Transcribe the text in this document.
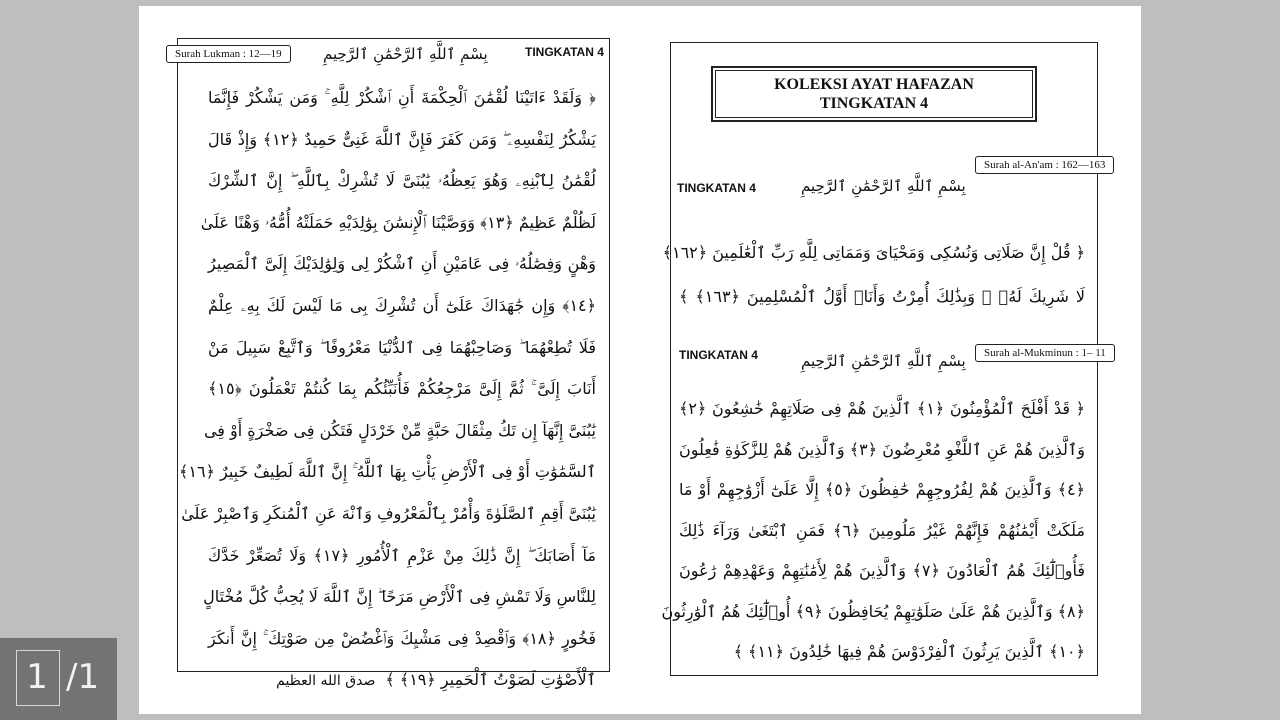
Surah Lukman : 12—19	بِسْمِ ٱللَّهِ ٱلرَّحْمَٰنِ ٱلرَّحِيمِ	TINGKATAN 4
﴿ وَلَقَدْ ءَاتَيْنَا لُقْمَٰنَ ٱلْحِكْمَةَ أَنِ ٱشْكُرْ لِلَّهِ ۚ وَمَن يَشْكُرْ فَإِنَّمَا
يَشْكُرُ لِنَفْسِهِۦ ۖ وَمَن كَفَرَ فَإِنَّ ٱللَّهَ غَنِىٌّ حَمِيدٌ ﴿١٢﴾ وَإِذْ قَالَ
لُقْمَٰنُ لِٱبْنِهِۦ وَهُوَ يَعِظُهُۥ يَٰبُنَىَّ لَا تُشْرِكْ بِٱللَّهِ ۖ إِنَّ ٱلشِّرْكَ
لَظُلْمٌ عَظِيمٌ ﴿١٣﴾ وَوَصَّيْنَا ٱلْإِنسَٰنَ بِوَٰلِدَيْهِ حَمَلَتْهُ أُمُّهُۥ وَهْنًا عَلَىٰ
وَهْنٍ وَفِصَٰلُهُۥ فِى عَامَيْنِ أَنِ ٱشْكُرْ لِى وَلِوَٰلِدَيْكَ إِلَىَّ ٱلْمَصِيرُ
﴿١٤﴾ وَإِن جَٰهَدَاكَ عَلَىٰٓ أَن تُشْرِكَ بِى مَا لَيْسَ لَكَ بِهِۦ عِلْمٌ
فَلَا تُطِعْهُمَا ۖ وَصَاحِبْهُمَا فِى ٱلدُّنْيَا مَعْرُوفًا ۖ وَٱتَّبِعْ سَبِيلَ مَنْ
أَنَابَ إِلَىَّ ۚ ثُمَّ إِلَىَّ مَرْجِعُكُمْ فَأُنَبِّئُكُم بِمَا كُنتُمْ تَعْمَلُونَ ﴿١٥﴾
يَٰبُنَىَّ إِنَّهَآ إِن تَكُ مِثْقَالَ حَبَّةٍ مِّنْ خَرْدَلٍ فَتَكُن فِى صَخْرَةٍ أَوْ فِى
ٱلسَّمَٰوَٰتِ أَوْ فِى ٱلْأَرْضِ يَأْتِ بِهَا ٱللَّهُ ۚ إِنَّ ٱللَّهَ لَطِيفٌ خَبِيرٌ ﴿١٦﴾
يَٰبُنَىَّ أَقِمِ ٱلصَّلَوٰةَ وَأْمُرْ بِٱلْمَعْرُوفِ وَٱنْهَ عَنِ ٱلْمُنكَرِ وَٱصْبِرْ عَلَىٰ
مَآ أَصَابَكَ ۖ إِنَّ ذَٰلِكَ مِنْ عَزْمِ ٱلْأُمُورِ ﴿١٧﴾ وَلَا تُصَعِّرْ خَدَّكَ
لِلنَّاسِ وَلَا تَمْشِ فِى ٱلْأَرْضِ مَرَحًا ۖ إِنَّ ٱللَّهَ لَا يُحِبُّ كُلَّ مُخْتَالٍ
فَخُورٍ ﴿١٨﴾ وَٱقْصِدْ فِى مَشْيِكَ وَٱغْضُضْ مِن صَوْتِكَ ۚ إِنَّ أَنكَرَ
ٱلْأَصْوَٰتِ لَصَوْتُ ٱلْحَمِيرِ ﴿١٩﴾ ﴾صدق الله العظيم
KOLEKSI AYAT HAFAZAN
TINGKATAN 4
Surah al-An'am : 162—163
TINGKATAN 4	بِسْمِ ٱللَّهِ ٱلرَّحْمَٰنِ ٱلرَّحِيمِ
﴿ قُلْ إِنَّ صَلَاتِى وَنُسُكِى وَمَحْيَاىَ وَمَمَاتِى لِلَّهِ رَبِّ ٱلْعَٰلَمِينَ ﴿١٦٢﴾
لَا شَرِيكَ لَهُۥ ۖ وَبِذَٰلِكَ أُمِرْتُ وَأَنَا۠ أَوَّلُ ٱلْمُسْلِمِينَ ﴿١٦٣﴾ ﴾
Surah al-Mukminun : 1– 11
TINGKATAN 4	بِسْمِ ٱللَّهِ ٱلرَّحْمَٰنِ ٱلرَّحِيمِ
﴿ قَدْ أَفْلَحَ ٱلْمُؤْمِنُونَ ﴿١﴾ ٱلَّذِينَ هُمْ فِى صَلَاتِهِمْ خَٰشِعُونَ ﴿٢﴾
وَٱلَّذِينَ هُمْ عَنِ ٱللَّغْوِ مُعْرِضُونَ ﴿٣﴾ وَٱلَّذِينَ هُمْ لِلزَّكَوٰةِ فَٰعِلُونَ
﴿٤﴾ وَٱلَّذِينَ هُمْ لِفُرُوجِهِمْ حَٰفِظُونَ ﴿٥﴾ إِلَّا عَلَىٰٓ أَزْوَٰجِهِمْ أَوْ مَا
مَلَكَتْ أَيْمَٰنُهُمْ فَإِنَّهُمْ غَيْرُ مَلُومِينَ ﴿٦﴾ فَمَنِ ٱبْتَغَىٰ وَرَآءَ ذَٰلِكَ
فَأُو۟لَٰٓئِكَ هُمُ ٱلْعَادُونَ ﴿٧﴾ وَٱلَّذِينَ هُمْ لِأَمَٰنَٰتِهِمْ وَعَهْدِهِمْ رَٰعُونَ
﴿٨﴾ وَٱلَّذِينَ هُمْ عَلَىٰ صَلَوَٰتِهِمْ يُحَافِظُونَ ﴿٩﴾ أُو۟لَٰٓئِكَ هُمُ ٱلْوَٰرِثُونَ
﴿١٠﴾ ٱلَّذِينَ يَرِثُونَ ٱلْفِرْدَوْسَ هُمْ فِيهَا خَٰلِدُونَ ﴿١١﴾ ﴾
1 /1
